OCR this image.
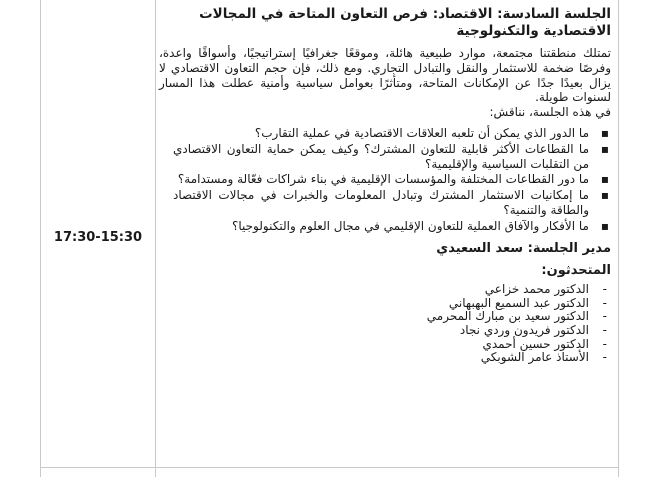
17:30-15:30
الجلسة السادسة: الاقتصاد: فرص التعاون المتاحة في المجالات الاقتصادية والتكنولوجية
تمتلك منطقتنا مجتمعة، موارد طبيعية هائلة، وموقعًا جغرافيًا إستراتيجيًا، وأسواقًا واعدة، وفرصًا ضخمة للاستثمار والنقل والتبادل التجاري. ومع ذلك، فإن حجم التعاون الاقتصادي لا يزال بعيدًا جدًا عن الإمكانات المتاحة، ومتأثرًا بعوامل سياسية وأمنية عطلت هذا المسار لسنوات طويلة.
في هذه الجلسة، نناقش:
▪ ما الدور الذي يمكن أن تلعبه العلاقات الاقتصادية في عملية التقارب؟
▪ ما القطاعات الأكثر قابلية للتعاون المشترك؟ وكيف يمكن حماية التعاون الاقتصادي من التقلبات السياسية والإقليمية؟
▪ ما دور القطاعات المختلفة والمؤسسات الإقليمية في بناء شراكات فعّالة ومستدامة؟
▪ ما إمكانيات الاستثمار المشترك وتبادل المعلومات والخبرات في مجالات الاقتصاد والطاقة والتنمية؟
▪ ما الأفكار والآفاق العملية للتعاون الإقليمي في مجال العلوم والتكنولوجيا؟
مدير الجلسة: سعد السعيدي
المتحدثون:
- الدكتور محمد خزاعي
- الدكتور عبد السميع البهبهاني
- الدكتور سعيد بن مبارك المحرمي
- الدكتور فريدون وردي نجاد
- الدكتور حسين أحمدي
- الأستاذ عامر الشوبكي
